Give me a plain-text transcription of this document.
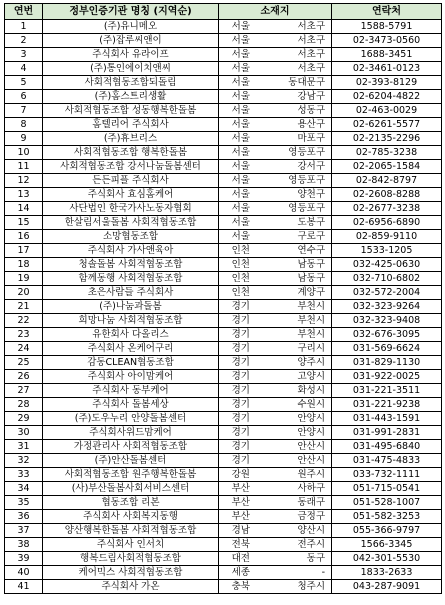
연번	정부인증기관 명칭 (지역순)	소재지		연락처
1	(주)유니메오	서울	서초구	1588-5791
2	(주)잡루씨앤이	서울	서초구	02-3473-0560
3	주식회사 유라이프	서울	서초구	1688-3451
4	(주)통인에이치앤씨	서울	서초구	02-3461-0123
5	사회적협동조합되돌림	서울	동대문구	02-393-8129
6	(주)홈스트리생활	서울	강남구	02-6204-4822
7	사회적협동조합 성동행복한돌봄	서울	성동구	02-463-0029
8	홈텔리어 주식회사	서울	용산구	02-6261-5577
9	(주)휴브리스	서울	마포구	02-2135-2296
10	사회적협동조합 행복한돌봄	서울	영등포구	02-785-3238
11	사회적협동조합 강서나눔돌봄센터	서울	강서구	02-2065-1584
12	든든피플 주식회사	서울	영등포구	02-842-8797
13	주식회사 효심홈케어	서울	양천구	02-2608-8288
14	사단법인 한국가사노동자협회	서울	영등포구	02-2677-3238
15	한살림서울돌봄 사회적협동조합	서울	도봉구	02-6956-6890
16	소망협동조합	서울	구로구	02-859-9110
17	주식회사 가사앤육아	인천	연수구	1533-1205
18	청솔돌봄 사회적협동조합	인천	남동구	032-425-0630
19	함께동행 사회적협동조합	인천	남동구	032-710-6802
20	초은사람들 주식회사	인천	계양구	032-572-2004
21	(주)나눔과돌봄	경기	부천시	032-323-9264
22	희망나눔 사회적협동조합	경기	부천시	032-323-9408
23	유한회사 다올리스	경기	부천시	032-676-3095
24	주식회사 온케어구리	경기	구리시	031-569-6624
25	감동CLEAN협동조합	경기	양주시	031-829-1130
26	주식회사 아이맘케어	경기	고양시	031-922-0025
27	주식회사 동부케어	경기	화성시	031-221-3511
28	주식회사 돌봄세상	경기	수원시	031-221-9238
29	(주)도우누리 안양돌봄센터	경기	안양시	031-443-1591
30	주식회사위드맘케어	경기	안양시	031-991-2831
31	가정관리사 사회적협동조합	경기	안산시	031-495-6840
32	(주)안산돌봄센터	경기	안산시	031-475-4833
33	사회적협동조합 원주행복한돌봄	강원	원주시	033-732-1111
34	(사)부산돌봄사회서비스센터	부산	사하구	051-715-0541
35	협동조합 리본	부산	동래구	051-528-1007
36	주식회사 사회복지동행	부산	금정구	051-582-3253
37	양산행복한돌봄 사회적협동조합	경남	양산시	055-366-9797
38	주식회사 인서치	전북	전주시	1566-3345
39	행복드림사회적협동조합	대전	동구	042-301-5530
40	케어믹스 사회적협동조합	세종	-	1833-2633
41	주식회사 가온	충북	청주시	043-287-9091
